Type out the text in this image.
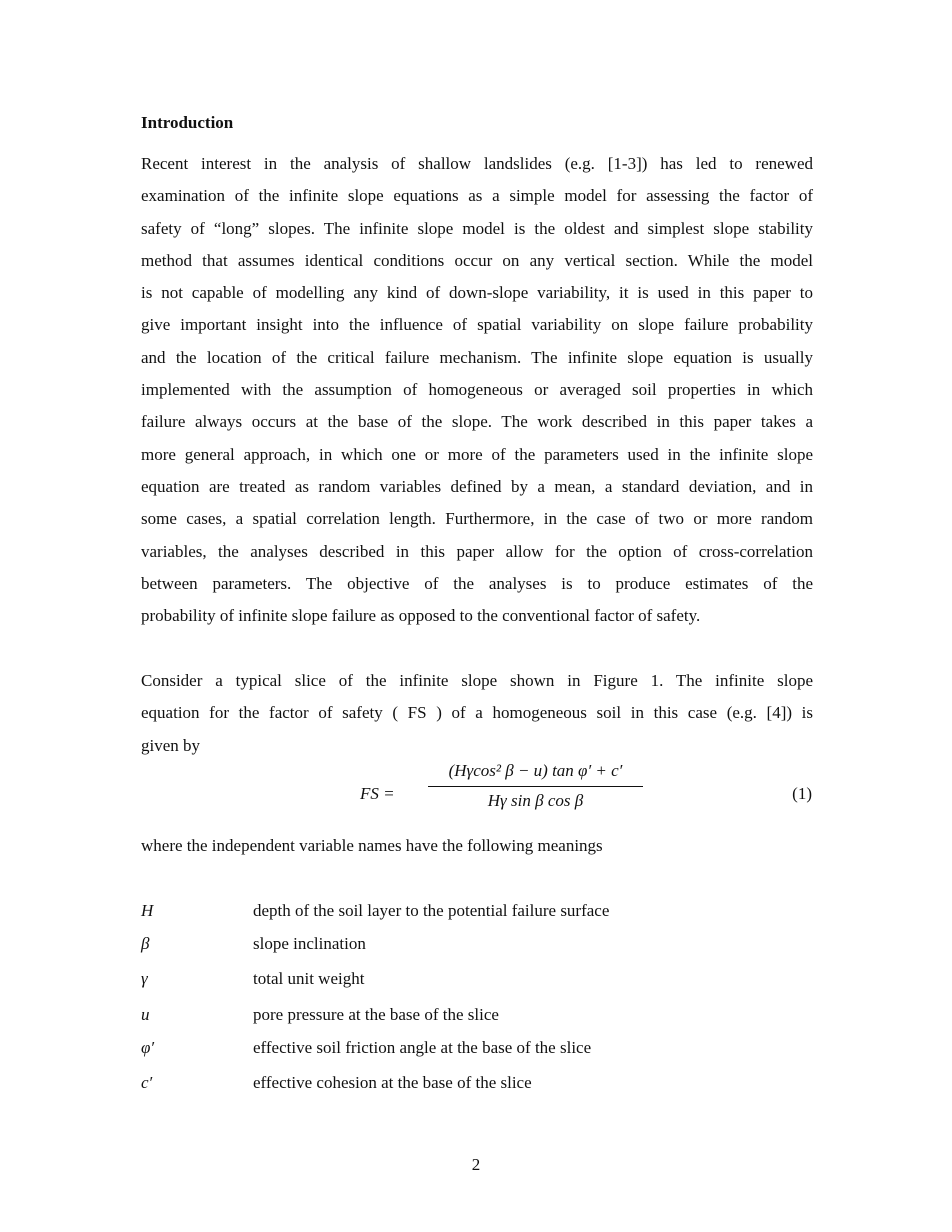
Introduction
Recent interest in the analysis of shallow landslides (e.g. [1-3]) has led to renewed
examination of the infinite slope equations as a simple model for assessing the factor of
safety of “long” slopes. The infinite slope model is the oldest and simplest slope stability
method that assumes identical conditions occur on any vertical section. While the model
is not capable of modelling any kind of down-slope variability, it is used in this paper to
give important insight into the influence of spatial variability on slope failure probability
and the location of the critical failure mechanism. The infinite slope equation is usually
implemented with the assumption of homogeneous or averaged soil properties in which
failure always occurs at the base of the slope. The work described in this paper takes a
more general approach, in which one or more of the parameters used in the infinite slope
equation are treated as random variables defined by a mean, a standard deviation, and in
some cases, a spatial correlation length. Furthermore, in the case of two or more random
variables, the analyses described in this paper allow for the option of cross-correlation
between parameters. The objective of the analyses is to produce estimates of the
probability of infinite slope failure as opposed to the conventional factor of safety.
Consider a typical slice of the infinite slope shown in Figure 1. The infinite slope
equation for the factor of safety ( FS ) of a homogeneous soil in this case (e.g. [4]) is
given by
FS = $\frac{\text{(Hγcos² β − u) tan φ′ + c′}}{\text{Hγ sin β cos β}}$	(1)
where the independent variable names have the following meanings
H	depth of the soil layer to the potential failure surface
β	slope inclination
γ	total unit weight
u	pore pressure at the base of the slice
φ′	effective soil friction angle at the base of the slice
c′	effective cohesion at the base of the slice
2
